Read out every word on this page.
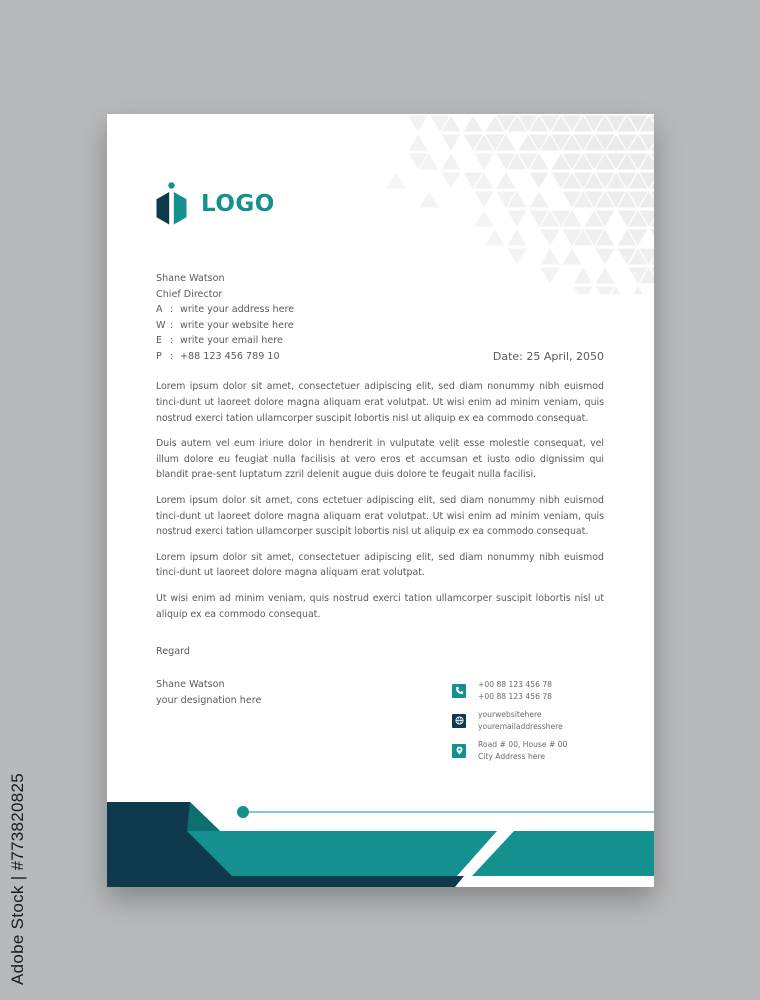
Adobe Stock | #773820825
LOGO
Shane Watson
Chief Director
A : write your address here
W : write your website here
E : write your email here
P : +88 123 456 789 10	Date: 25 April, 2050

Lorem ipsum dolor sit amet, consectetuer adipiscing elit, sed diam nonummy nibh euismod tinci-dunt ut laoreet dolore magna aliquam erat volutpat. Ut wisi enim ad minim veniam, quis nostrud exerci tation ullamcorper suscipit lobortis nisl ut aliquip ex ea commodo consequat.

Duis autem vel eum iriure dolor in hendrerit in vulputate velit esse molestie consequat, vel illum dolore eu feugiat nulla facilisis at vero eros et accumsan et iusto odio dignissim qui blandit prae-sent luptatum zzril delenit augue duis dolore te feugait nulla facilisi.

Lorem ipsum dolor sit amet, cons ectetuer adipiscing elit, sed diam nonummy nibh euismod tinci-dunt ut laoreet dolore magna aliquam erat volutpat. Ut wisi enim ad minim veniam, quis nostrud exerci tation ullamcorper suscipit lobortis nisl ut aliquip ex ea commodo consequat.

Lorem ipsum dolor sit amet, consectetuer adipiscing elit, sed diam nonummy nibh euismod tinci-dunt ut laoreet dolore magna aliquam erat volutpat.

Ut wisi enim ad minim veniam, quis nostrud exerci tation ullamcorper suscipit lobortis nisl ut aliquip ex ea commodo consequat.

Regard
Shane Watson
your designation here
+00 88 123 456 78
+00 88 123 456 78
yourwebsitehere
youremailaddresshere
Road # 00, House # 00
City Address here
